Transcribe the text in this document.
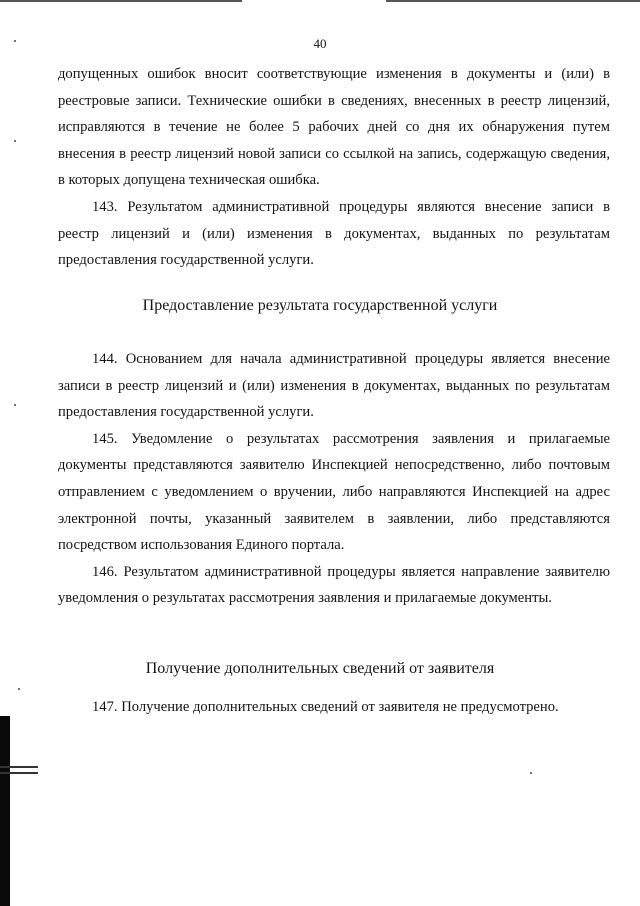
40

допущенных ошибок вносит соответствующие изменения в документы и (или) в реестровые записи. Технические ошибки в сведениях, внесенных в реестр лицензий, исправляются в течение не более 5 рабочих дней со дня их обнаружения путем внесения в реестр лицензий новой записи со ссылкой на запись, содержащую сведения, в которых допущена техническая ошибка.

143. Результатом административной процедуры являются внесение записи в реестр лицензий и (или) изменения в документах, выданных по результатам предоставления государственной услуги.

Предоставление результата государственной услуги

144. Основанием для начала административной процедуры является внесение записи в реестр лицензий и (или) изменения в документах, выданных по результатам предоставления государственной услуги.

145. Уведомление о результатах рассмотрения заявления и прилагаемые документы представляются заявителю Инспекцией непосредственно, либо почтовым отправлением с уведомлением о вручении, либо направляются Инспекцией на адрес электронной почты, указанный заявителем в заявлении, либо представляются посредством использования Единого портала.

146. Результатом административной процедуры является направление заявителю уведомления о результатах рассмотрения заявления и прилагаемые документы.

Получение дополнительных сведений от заявителя

147. Получение дополнительных сведений от заявителя не предусмотрено.
